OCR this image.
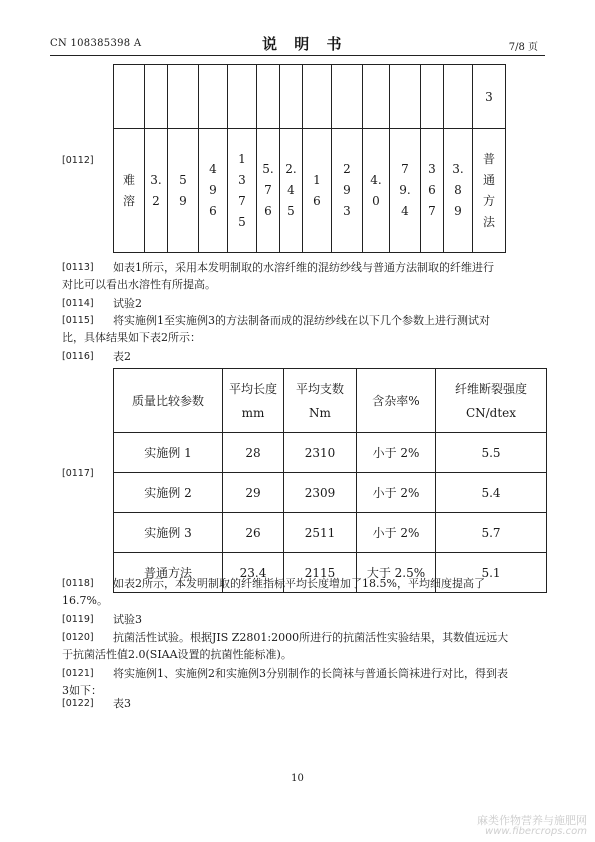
CN 108385398 A	说 明 书	7/8 页
[0112]
													3
难溶	3.2	59	496	1375	5.76	2.45	16	293	4.0	79.4	367	3.89	普通方法
[0113] 如表1所示，采用本发明制取的水溶纤维的混纺纱线与普通方法制取的纤维进行
对比可以看出水溶性有所提高。
[0114] 试验2
[0115] 将实施例1至实施例3的方法制备而成的混纺纱线在以下几个参数上进行测试对
比，具体结果如下表2所示：
[0116] 表2
[0117]
质量比较参数	平均长度 mm	平均支数 Nm	含杂率%	纤维断裂强度 CN/dtex
实施例 1	28	2310	小于 2%	5.5
实施例 2	29	2309	小于 2%	5.4
实施例 3	26	2511	小于 2%	5.7
普通方法	23.4	2115	大于 2.5%	5.1
[0118] 如表2所示，本发明制取的纤维指标平均长度增加了18.5%，平均细度提高了
16.7%。
[0119] 试验3
[0120] 抗菌活性试验。根据JIS Z2801:2000所进行的抗菌活性实验结果，其数值远远大
于抗菌活性值2.0(SIAA设置的抗菌性能标准)。
[0121] 将实施例1、实施例2和实施例3分别制作的长筒袜与普通长筒袜进行对比，得到表
3如下：
[0122] 表3
10
麻类作物营养与施肥网
www.fibercrops.com
